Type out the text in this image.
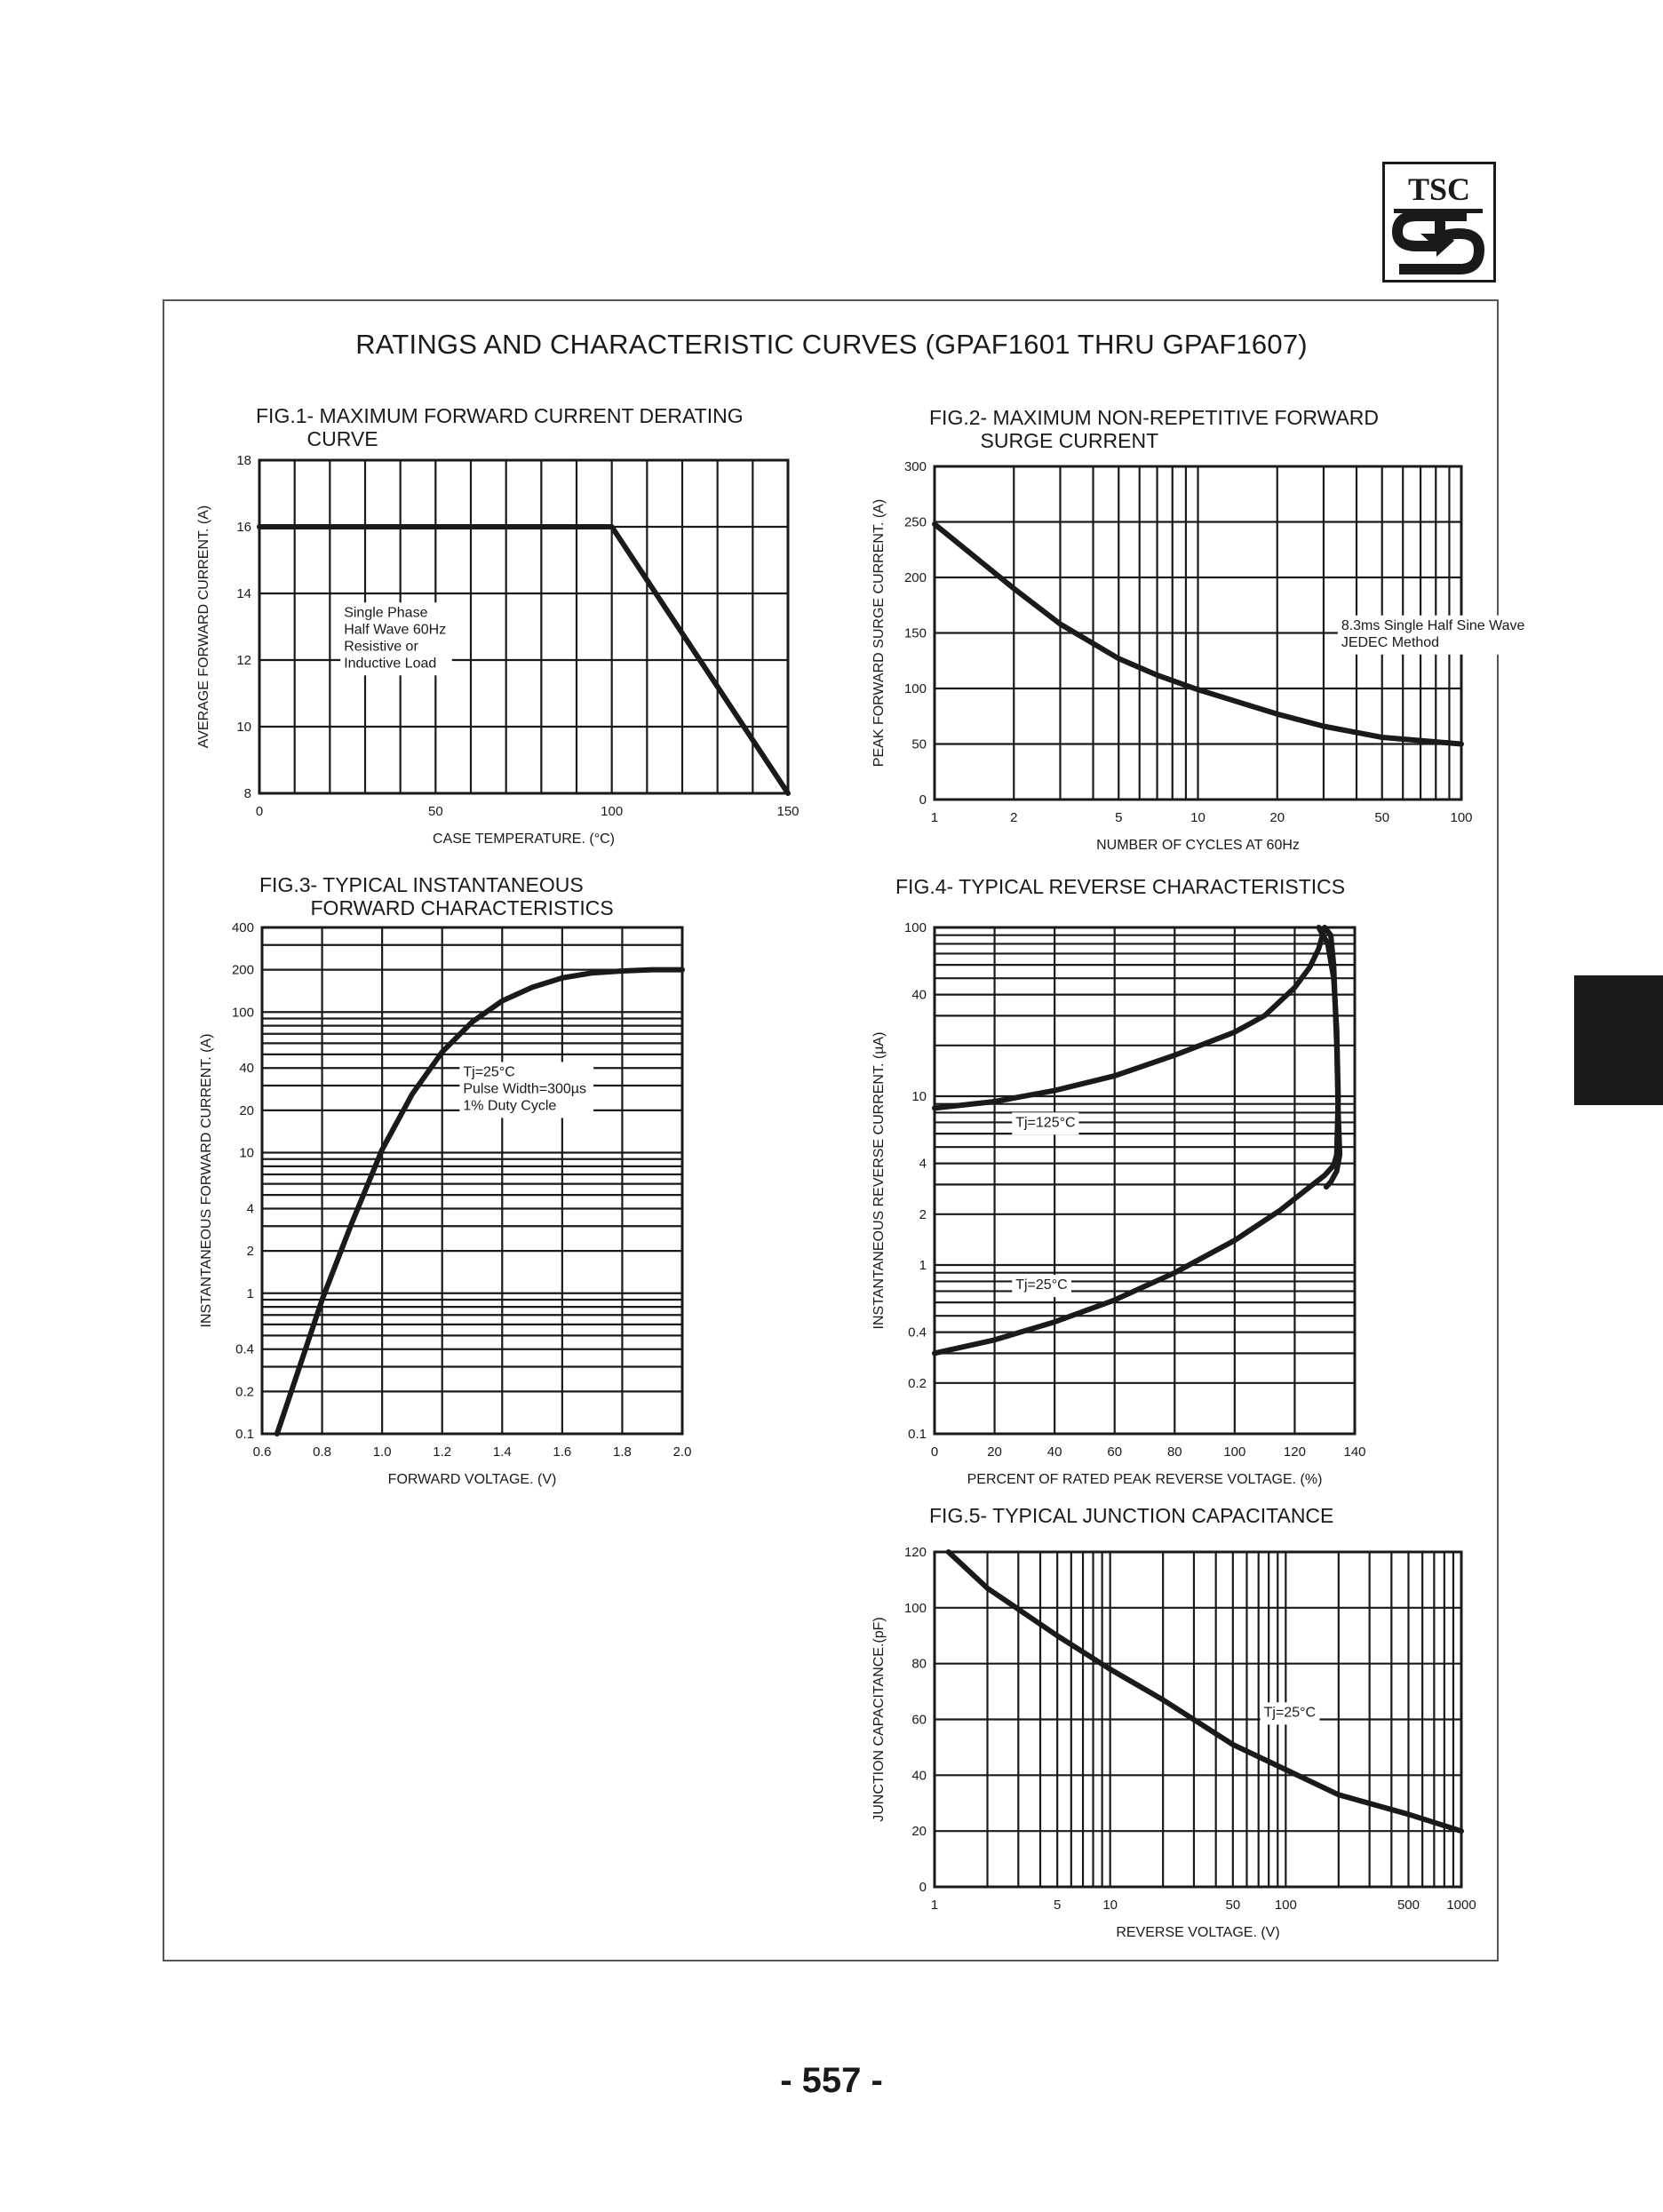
TSC
RATINGS AND CHARACTERISTIC CURVES (GPAF1601 THRU GPAF1607)
FIG.1- MAXIMUM FORWARD CURRENT DERATING
CURVE
FIG.2- MAXIMUM NON-REPETITIVE FORWARD
SURGE CURRENT
FIG.3- TYPICAL INSTANTANEOUS
FORWARD CHARACTERISTICS
FIG.4- TYPICAL REVERSE CHARACTERISTICS
FIG.5- TYPICAL JUNCTION CAPACITANCE
0	50	100	150
8
10
12
14
16
18
CASE TEMPERATURE. (°C)
AVERAGE FORWARD CURRENT. (A)	Single Phase
Half Wave 60Hz
Resistive or
Inductive Load
1	2	5	10	20	50	100
0
50
100
150
200
250
300
NUMBER OF CYCLES AT 60Hz
PEAK FORWARD SURGE CURRENT. (A)	8.3ms Single Half Sine Wave
JEDEC Method
0.6	0.8	1.0	1.2	1.4	1.6	1.8	2.0
0.1
0.2
0.4
1
2
4
10
20
40
100
200
400
FORWARD VOLTAGE. (V)
INSTANTANEOUS FORWARD CURRENT. (A)	Tj=25°C
Pulse Width=300µs
1% Duty Cycle
0	20	40	60	80	100	120	140
0.1
0.2
0.4
1
2
4
10
40
100
PERCENT OF RATED PEAK REVERSE VOLTAGE. (%)
INSTANTANEOUS REVERSE CURRENT. (µA)	Tj=125°C
Tj=25°C
1	5	10	50	100	500 1000
0
20
40
60
80
100
120
REVERSE VOLTAGE. (V)
JUNCTION CAPACITANCE.(pF)	Tj=25°C
- 557 -
